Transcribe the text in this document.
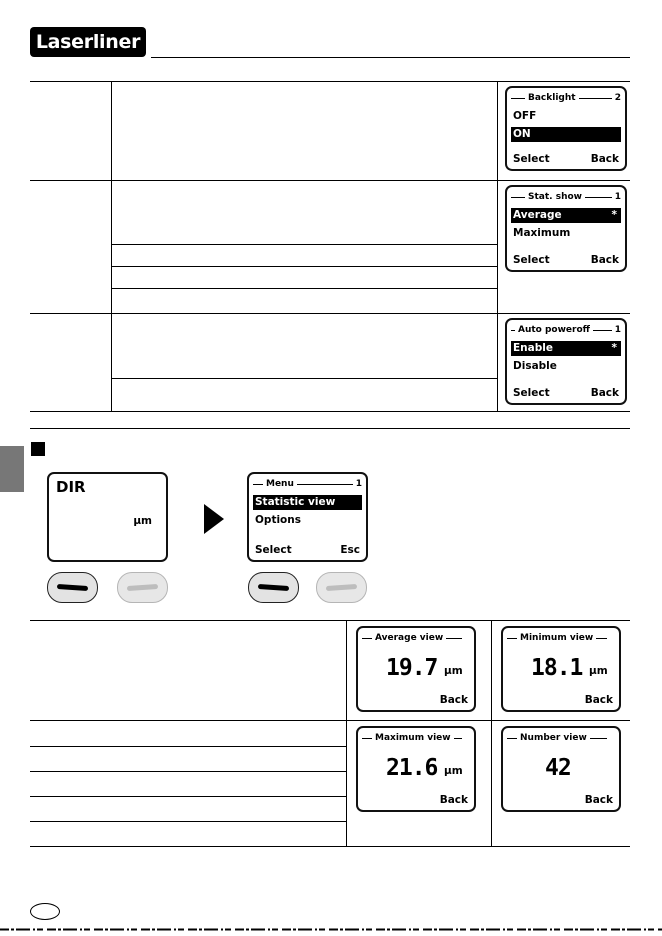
Laserliner
Backlight	2
OFF
ON
Select	Back
Stat. show	1
Average	*
Maximum
Select	Back
Auto poweroff	1
Enable	*
Disable
Select	Back
DIR
µm
Menu	1
Statistic view
Options
Select	Esc
Average view
19.7 µm
Back
Minimum view
18.1 µm
Back
Maximum view
21.6 µm
Back
Number view
42
Back
